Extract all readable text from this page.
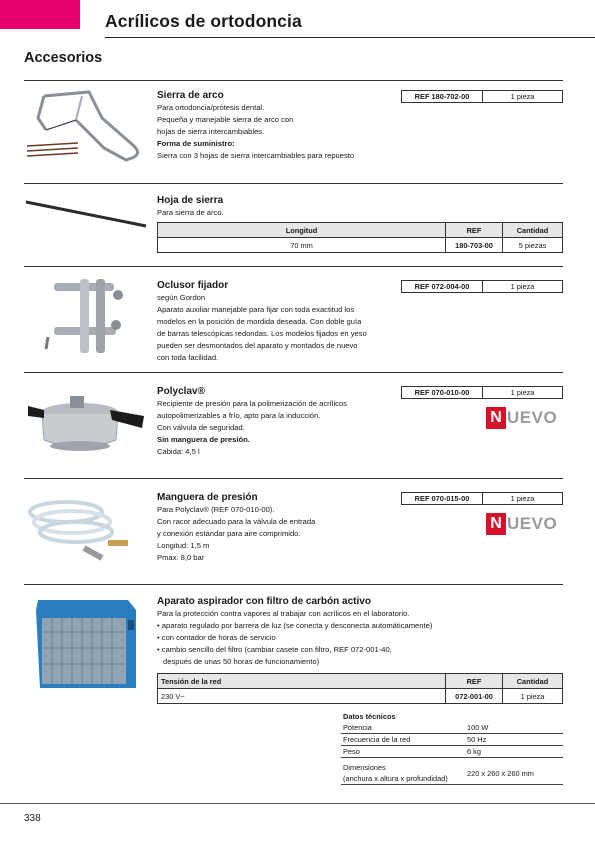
Acrílicos de ortodoncia
Accesorios
Sierra de arco
Para ortodoncia/prótesis dental.
Pequeña y manejable sierra de arco con
hojas de sierra intercambiables.
Forma de suministro:
Sierra con 3 hojas de sierra intercambiables para repuesto
REF 180-702-00	1 pieza
Hoja de sierra
Para sierra de arco.
Longitud	REF	Cantidad
70 mm	180-703-00	5 piezas
Oclusor fijador
según Gordon
Aparato auxiliar manejable para fijar con toda exactitud los
modelos en la posición de mordida deseada. Con doble guía
de barras telescópicas redondas. Los modelos fijados en yeso
pueden ser desmontados del aparato y montados de nuevo
con toda facilidad.
REF 072-004-00	1 pieza
Polyclav®
Recipiente de presión para la polimerización de acrílicos
autopolimerizables a frío, apto para la inducción.
Con válvula de seguridad.
Sin manguera de presión.
Cabida: 4,5 l
REF 070-010-00	1 pieza
N UEVO
Manguera de presión
Para Polyclav® (REF 070-010-00).
Con racor adecuado para la válvula de entrada
y conexión estándar para aire comprimido.
Longitud: 1,5 m
Pmax: 8,0 bar
REF 070-015-00	1 pieza
N UEVO
Aparato aspirador con filtro de carbón activo
Para la protección contra vapores al trabajar con acrílicos en el laboratorio.
• aparato regulado por barrera de luz (se conecta y desconecta automáticamente)
• con contador de horas de servicio
• cambio sencillo del filtro (cambiar casete con filtro, REF 072-001-40,
después de unas 50 horas de funcionamiento)
Tensión de la red	REF	Cantidad
230 V~	072-001-00	1 pieza
Datos técnicos	
Potencia	100 W
Frecuencia de la red	50 Hz
Peso	6 kg

Dimensiones
(anchura x altura x profundidad)	220 x 260 x 260 mm
338
